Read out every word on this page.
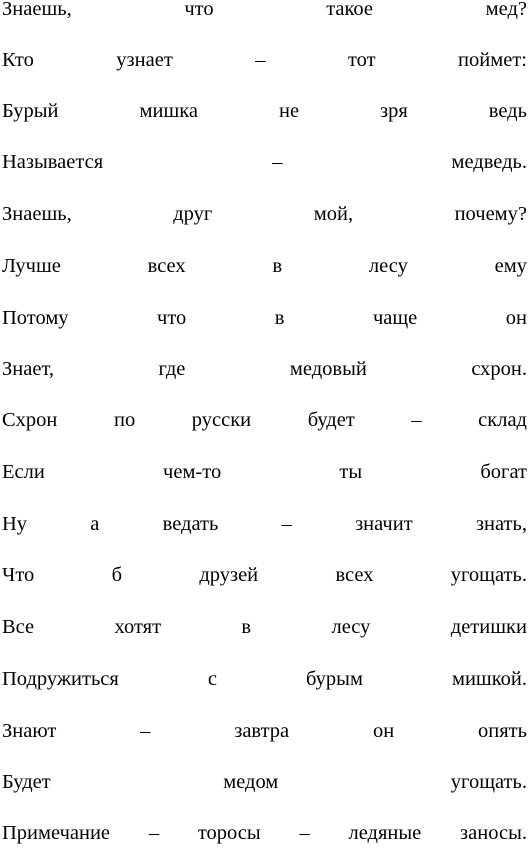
Знаешь,	что	такое	мед?
Кто	узнает	–	тот	поймет:
Бурый	мишка	не	зря	ведь
Называется	–	медведь.
Знаешь,	друг	мой,	почему?
Лучше	всех	в	лесу	ему
Потому	что	в	чаще	он
Знает,	где	медовый	схрон.
Схрон	по	русски	будет	–	склад
Если	чем-то	ты	богат
Ну	а	ведать	–	значит	знать,
Что	б	друзей	всех	угощать.
Все	хотят	в	лесу	детишки
Подружиться	с	бурым	мишкой.
Знают	–	завтра	он	опять
Будет	медом	угощать.
Примечание – торосы – ледяные заносы.
